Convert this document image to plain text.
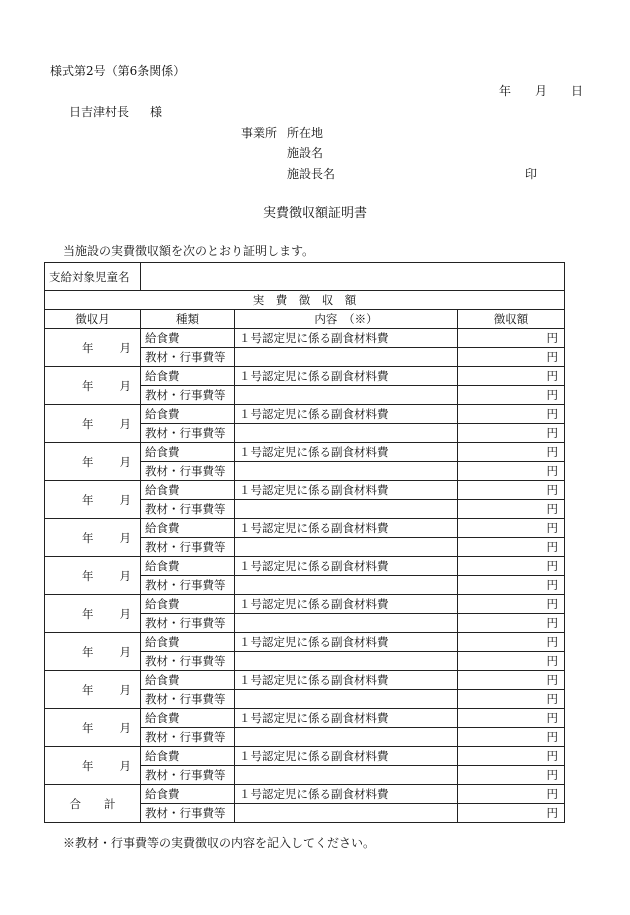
様式第2号（第6条関係）
年 月 日
日吉津村長 様
事業所 所在地
施設名
施設長名	印
実費徴収額証明書
当施設の実費徴収額を次のとおり証明します。
支給対象児童名			
実　費　徴　収　額			
徴収月	種類	内容　（※）	徴収額
年 月	給食費	１号認定児に係る副食材料費	円
	教材・行事費等		円
年 月	給食費	１号認定児に係る副食材料費	円
	教材・行事費等		円
年 月	給食費	１号認定児に係る副食材料費	円
	教材・行事費等		円
年 月	給食費	１号認定児に係る副食材料費	円
	教材・行事費等		円
年 月	給食費	１号認定児に係る副食材料費	円
	教材・行事費等		円
年 月	給食費	１号認定児に係る副食材料費	円
	教材・行事費等		円
年 月	給食費	１号認定児に係る副食材料費	円
	教材・行事費等		円
年 月	給食費	１号認定児に係る副食材料費	円
	教材・行事費等		円
年 月	給食費	１号認定児に係る副食材料費	円
	教材・行事費等		円
年 月	給食費	１号認定児に係る副食材料費	円
	教材・行事費等		円
年 月	給食費	１号認定児に係る副食材料費	円
	教材・行事費等		円
年 月	給食費	１号認定児に係る副食材料費	円
	教材・行事費等		円
合　　計	給食費	１号認定児に係る副食材料費	円
	教材・行事費等		円
※教材・行事費等の実費徴収の内容を記入してください。
